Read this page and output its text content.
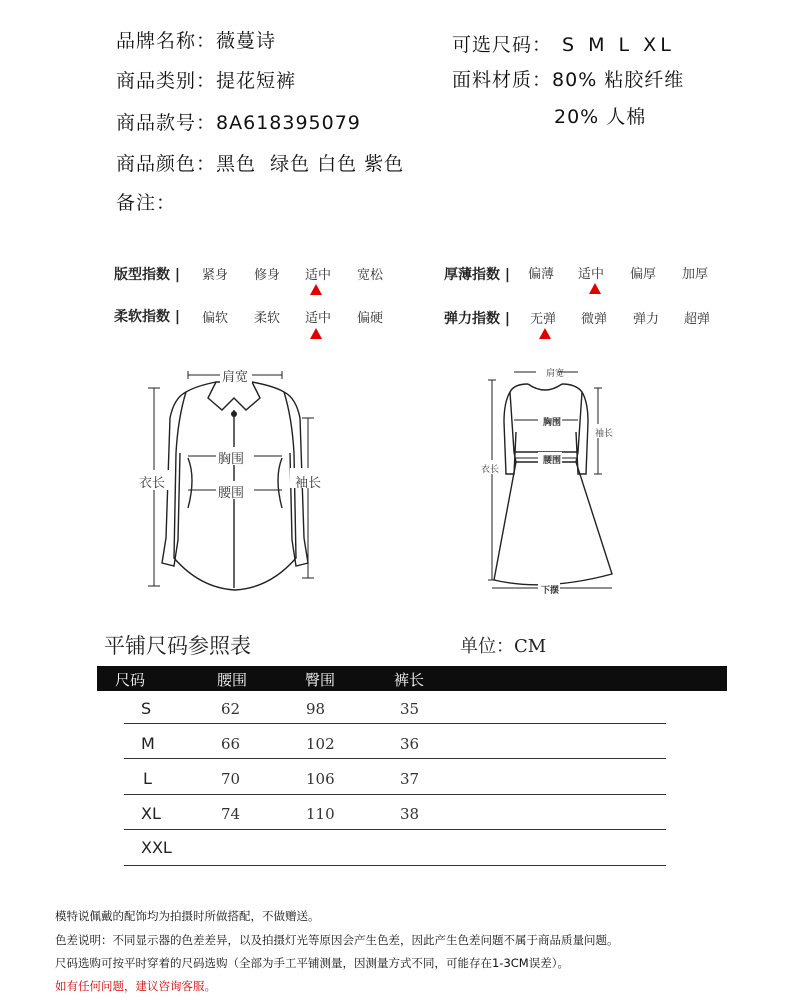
品牌名称：薇蔓诗
商品类别：提花短裤
商品款号：8A618395079
商品颜色：黑色  绿色 白色 紫色
备注：
可选尺码： S M L XL
面料材质：80% 粘胶纤维
20% 人棉
版型指数 | 紧身 修身 适中 宽松
柔软指数 | 偏软 柔软 适中 偏硬
厚薄指数 | 偏薄 适中 偏厚 加厚
弹力指数 | 无弹 微弹 弹力 超弹
肩宽
胸围
腰围
衣长	袖长
肩宽
胸围
腰围
衣长
袖长
下摆
平铺尺码参照表	单位：CM
尺码	腰围	臀围	裤长
S	62	98	35
M	66	102	36
L	70	106	37
XL	74	110	38
XXL
模特说佩戴的配饰均为拍摄时所做搭配，不做赠送。
色差说明：不同显示器的色差差异，以及拍摄灯光等原因会产生色差，因此产生色差问题不属于商品质量问题。
尺码选购可按平时穿着的尺码选购（全部为手工平铺测量，因测量方式不同，可能存在1-3CM误差）。
如有任何问题，建议咨询客服。
